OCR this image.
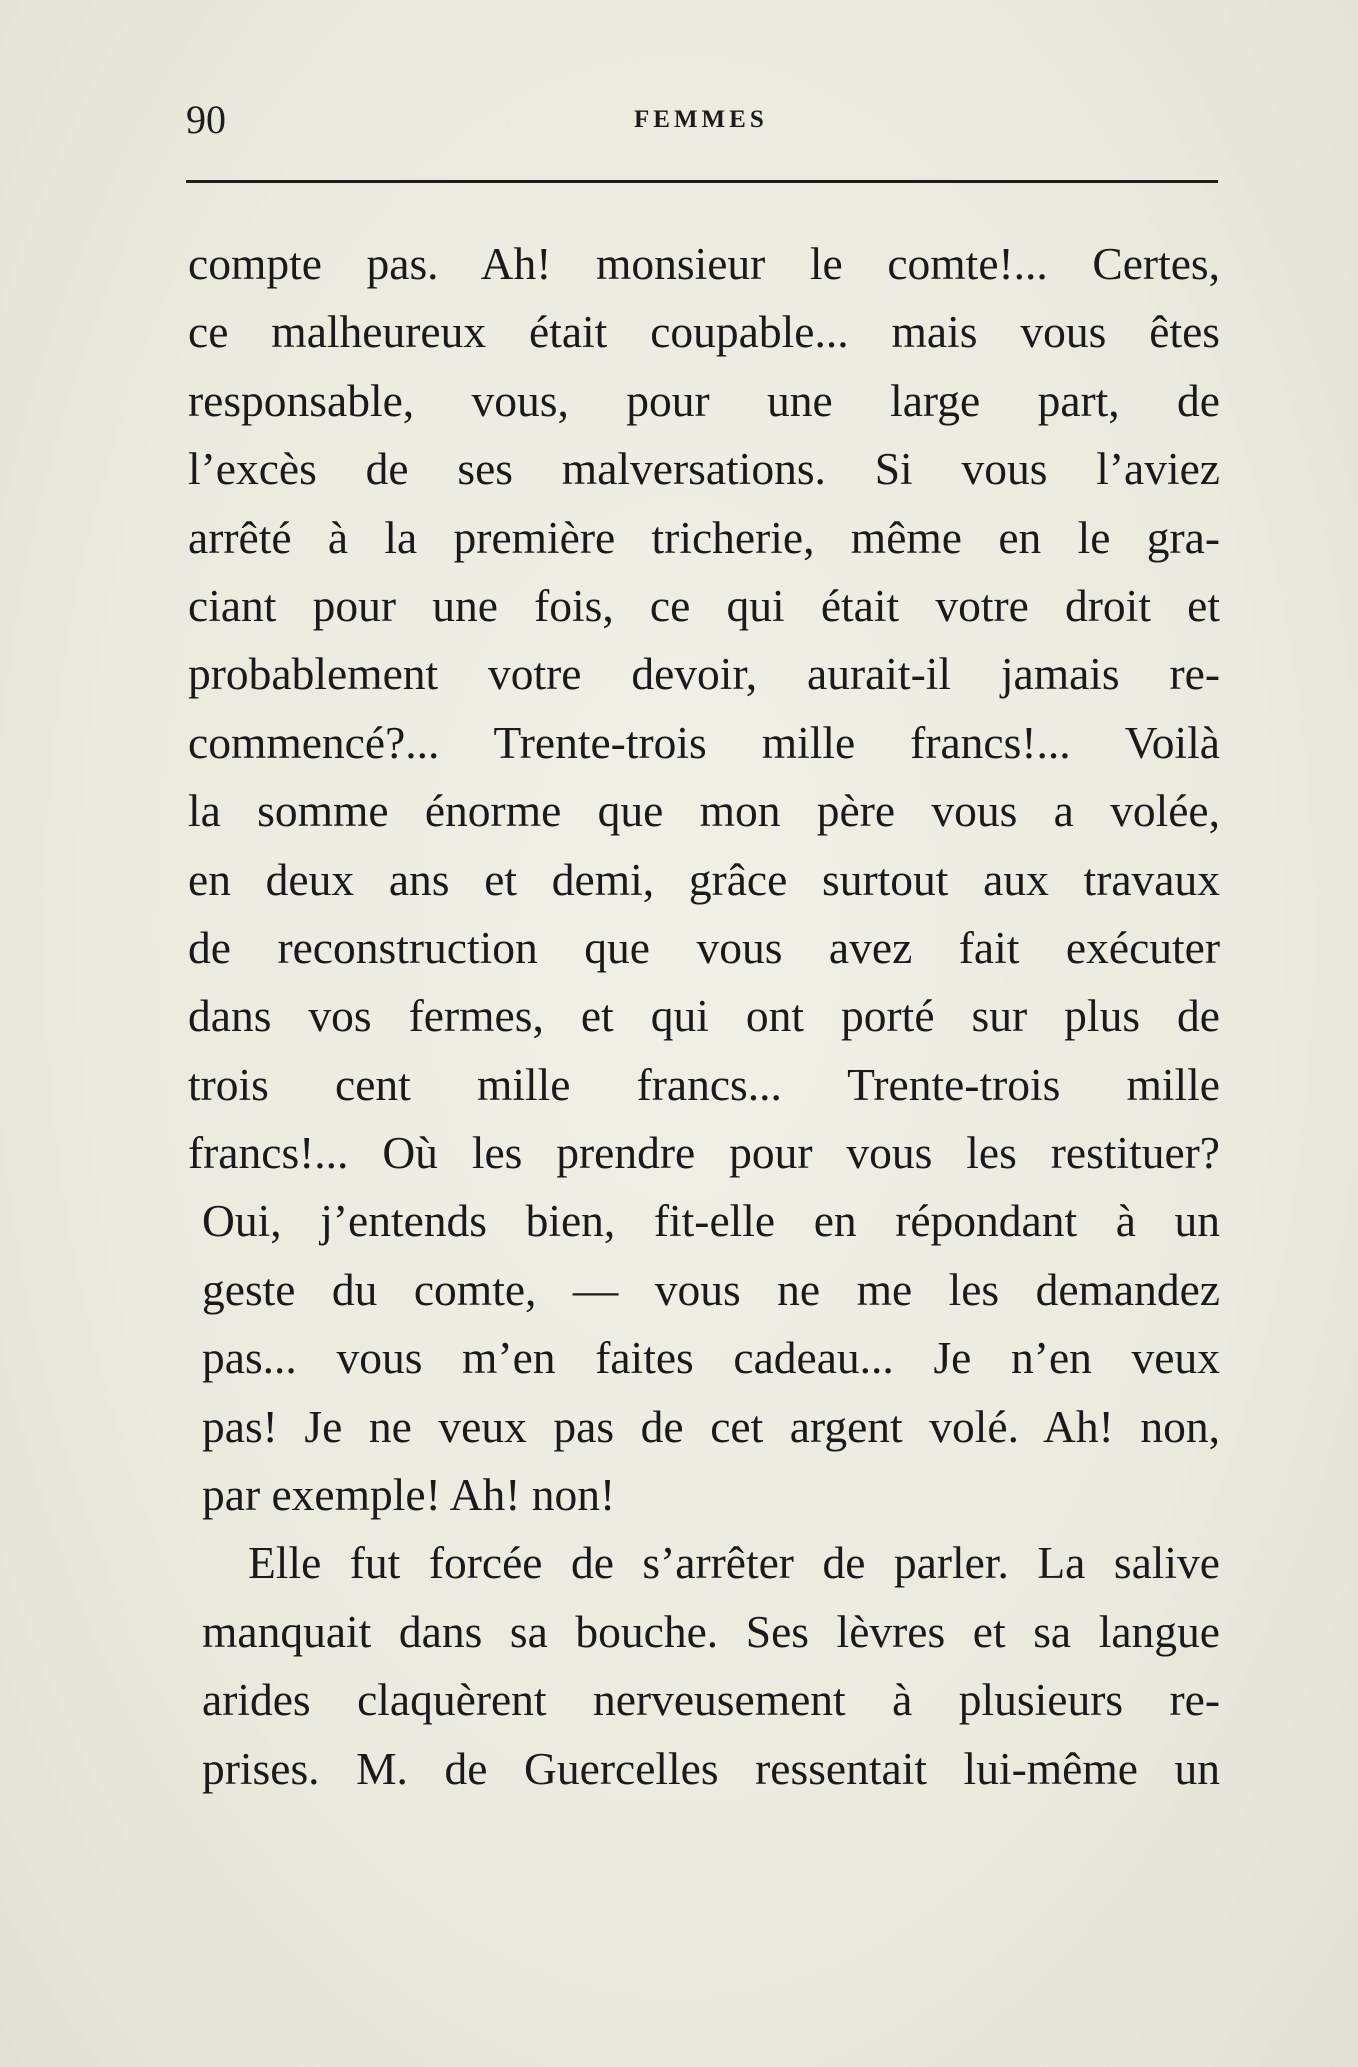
90	FEMMES
compte pas. Ah! monsieur le comte!... Certes,
ce malheureux était coupable... mais vous êtes
responsable, vous, pour une large part, de
l’excès de ses malversations. Si vous l’aviez
arrêté à la première tricherie, même en le gra-
ciant pour une fois, ce qui était votre droit et
probablement votre devoir, aurait-il jamais re-
commencé?... Trente-trois mille francs!... Voilà
la somme énorme que mon père vous a volée,
en deux ans et demi, grâce surtout aux travaux
de reconstruction que vous avez fait exécuter
dans vos fermes, et qui ont porté sur plus de
trois cent mille francs... Trente-trois mille
francs!... Où les prendre pour vous les restituer?
Oui, j’entends bien, fit-elle en répondant à un
geste du comte, — vous ne me les demandez
pas... vous m’en faites cadeau... Je n’en veux
pas! Je ne veux pas de cet argent volé. Ah! non,
par exemple! Ah! non!
Elle fut forcée de s’arrêter de parler. La salive
manquait dans sa bouche. Ses lèvres et sa langue
arides claquèrent nerveusement à plusieurs re-
prises. M. de Guercelles ressentait lui-même un
